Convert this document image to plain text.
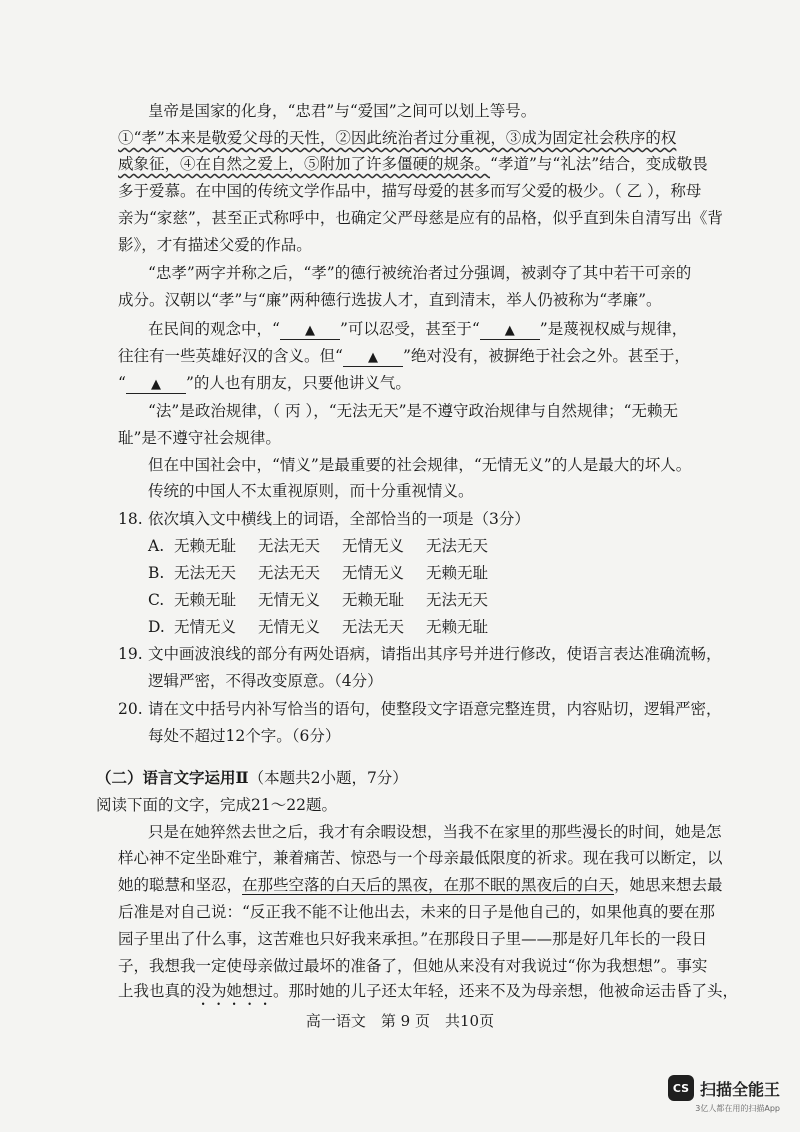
皇帝是国家的化身，“忠君”与“爱国”之间可以划上等号。
①“孝”本来是敬爱父母的天性，②因此统治者过分重视，③成为固定社会秩序的权
威象征，④在自然之爱上，⑤附加了许多僵硬的规条。“孝道”与“礼法”结合，变成敬畏
多于爱慕。在中国的传统文学作品中，描写母爱的甚多而写父爱的极少。（ 乙 ），称母
亲为“家慈”，甚至正式称呼中，也确定父严母慈是应有的品格，似乎直到朱自清写出《背
影》，才有描述父爱的作品。
“忠孝”两字并称之后，“孝”的德行被统治者过分强调，被剥夺了其中若干可亲的
成分。汉朝以“孝”与“廉”两种德行选拔人才，直到清末，举人仍被称为“孝廉”。
在民间的观念中，“ ▲ ”可以忍受，甚至于“ ▲ ”是蔑视权威与规律，
往往有一些英雄好汉的含义。但“ ▲ ”绝对没有，被摒绝于社会之外。甚至于，
“ ▲ ”的人也有朋友，只要他讲义气。
“法”是政治规律，（ 丙 ），“无法无天”是不遵守政治规律与自然规律；“无赖无
耻”是不遵守社会规律。
但在中国社会中，“情义”是最重要的社会规律，“无情无义”的人是最大的坏人。
传统的中国人不太重视原则，而十分重视情义。
18. 依次填入文中横线上的词语，全部恰当的一项是（3分）
A. 无赖无耻 无法无天 无情无义 无法无天
B. 无法无天 无法无天 无情无义 无赖无耻
C. 无赖无耻 无情无义 无赖无耻 无法无天
D. 无情无义 无情无义 无法无天 无赖无耻
19. 文中画波浪线的部分有两处语病，请指出其序号并进行修改，使语言表达准确流畅，
逻辑严密，不得改变原意。（4分）
20. 请在文中括号内补写恰当的语句，使整段文字语意完整连贯，内容贴切，逻辑严密，
每处不超过12个字。（6分）
（二）语言文字运用Ⅱ（本题共2小题，7分）
阅读下面的文字，完成21～22题。
只是在她猝然去世之后，我才有余暇设想，当我不在家里的那些漫长的时间，她是怎
样心神不定坐卧难宁，兼着痛苦、惊恐与一个母亲最低限度的祈求。现在我可以断定，以
她的聪慧和坚忍，在那些空落的白天后的黑夜，在那不眠的黑夜后的白天，她思来想去最
后准是对自己说：“反正我不能不让他出去，未来的日子是他自己的，如果他真的要在那
园子里出了什么事，这苦难也只好我来承担。”在那段日子里——那是好几年长的一段日
子，我想我一定使母亲做过最坏的准备了，但她从来没有对我说过“你为我想想”。事实
上我也真的没为她想过。那时她的儿子还太年轻，还来不及为母亲想，他被命运击昏了头，
高一语文　第 9 页　共10页
CS 扫描全能王
3亿人都在用的扫描App
